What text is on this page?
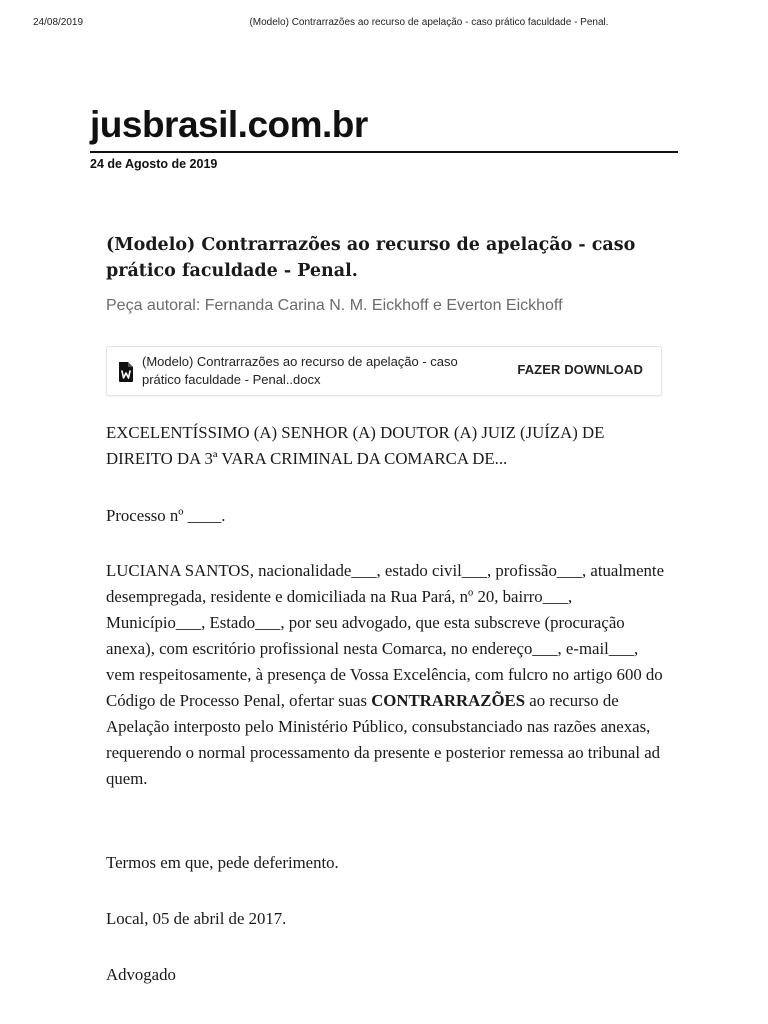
24/08/2019	(Modelo) Contrarrazões ao recurso de apelação - caso prático faculdade - Penal.
jusbrasil.com.br
24 de Agosto de 2019
(Modelo) Contrarrazões ao recurso de apelação - caso prático faculdade - Penal.
Peça autoral: Fernanda Carina N. M. Eickhoff e Everton Eickhoff
(Modelo) Contrarrazões ao recurso de apelação - caso prático faculdade - Penal..docx
FAZER DOWNLOAD

EXCELENTÍSSIMO (A) SENHOR (A) DOUTOR (A) JUIZ (JUÍZA) DE DIREITO DA 3ª VARA CRIMINAL DA COMARCA DE...

Processo nº ____.

LUCIANA SANTOS, nacionalidade___, estado civil___, profissão___, atualmente desempregada, residente e domiciliada na Rua Pará, nº 20, bairro___, Município___, Estado___, por seu advogado, que esta subscreve (procuração anexa), com escritório profissional nesta Comarca, no endereço___, e-mail___, vem respeitosamente, à presença de Vossa Excelência, com fulcro no artigo 600 do Código de Processo Penal, ofertar suas CONTRARRAZÕES ao recurso de Apelação interposto pelo Ministério Público, consubstanciado nas razões anexas, requerendo o normal processamento da presente e posterior remessa ao tribunal ad quem.

Termos em que, pede deferimento.

Local, 05 de abril de 2017.

Advogado
